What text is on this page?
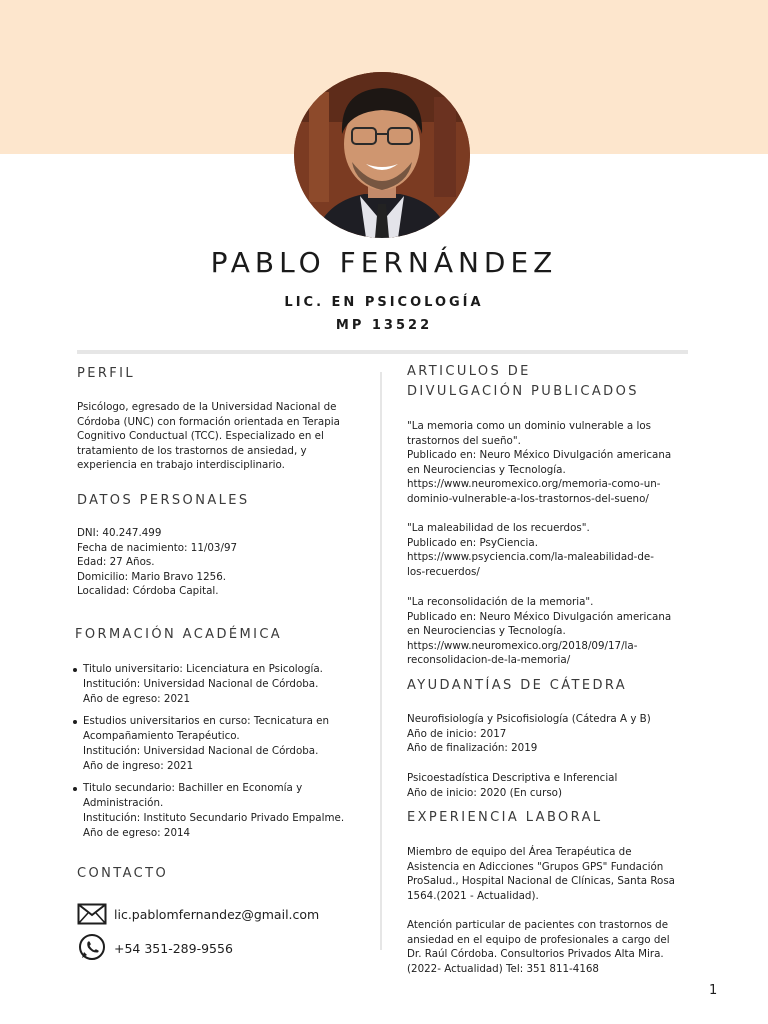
PABLO FERNÁNDEZ
LIC. EN PSICOLOGÍA
MP 13522
PERFIL
Psicólogo, egresado de la Universidad Nacional de
Córdoba (UNC) con formación orientada en Terapia
Cognitivo Conductual (TCC). Especializado en el
tratamiento de los trastornos de ansiedad, y
experiencia en trabajo interdisciplinario.
DATOS PERSONALES
DNI: 40.247.499
Fecha de nacimiento: 11/03/97
Edad: 27 Años.
Domicilio: Mario Bravo 1256.
Localidad: Córdoba Capital.
FORMACIÓN ACADÉMICA
Titulo universitario: Licenciatura en Psicología.
Institución: Universidad Nacional de Córdoba.
Año de egreso: 2021
Estudios universitarios en curso: Tecnicatura en
Acompañamiento Terapéutico.
Institución: Universidad Nacional de Córdoba.
Año de ingreso: 2021
Titulo secundario: Bachiller en Economía y
Administración.
Institución: Instituto Secundario Privado Empalme.
Año de egreso: 2014
CONTACTO
lic.pablomfernandez@gmail.com
+54 351-289-9556
ARTICULOS DE
DIVULGACIÓN PUBLICADOS
"La memoria como un dominio vulnerable a los
trastornos del sueño".
Publicado en: Neuro México Divulgación americana
en Neurociencias y Tecnología.
https://www.neuromexico.org/memoria-como-un-
dominio-vulnerable-a-los-trastornos-del-sueno/
"La maleabilidad de los recuerdos".
Publicado en: PsyCiencia.
https://www.psyciencia.com/la-maleabilidad-de-
los-recuerdos/
"La reconsolidación de la memoria".
Publicado en: Neuro México Divulgación americana
en Neurociencias y Tecnología.
https://www.neuromexico.org/2018/09/17/la-
reconsolidacion-de-la-memoria/
AYUDANTÍAS DE CÁTEDRA
Neurofisiología y Psicofisiología (Cátedra A y B)
Año de inicio: 2017
Año de finalización: 2019
Psicoestadística Descriptiva e Inferencial
Año de inicio: 2020 (En curso)
EXPERIENCIA LABORAL
Miembro de equipo del Área Terapéutica de
Asistencia en Adicciones "Grupos GPS" Fundación
ProSalud., Hospital Nacional de Clínicas, Santa Rosa
1564.(2021 - Actualidad).
Atención particular de pacientes con trastornos de
ansiedad en el equipo de profesionales a cargo del
Dr. Raúl Córdoba. Consultorios Privados Alta Mira.
(2022- Actualidad) Tel: 351 811-4168
1
